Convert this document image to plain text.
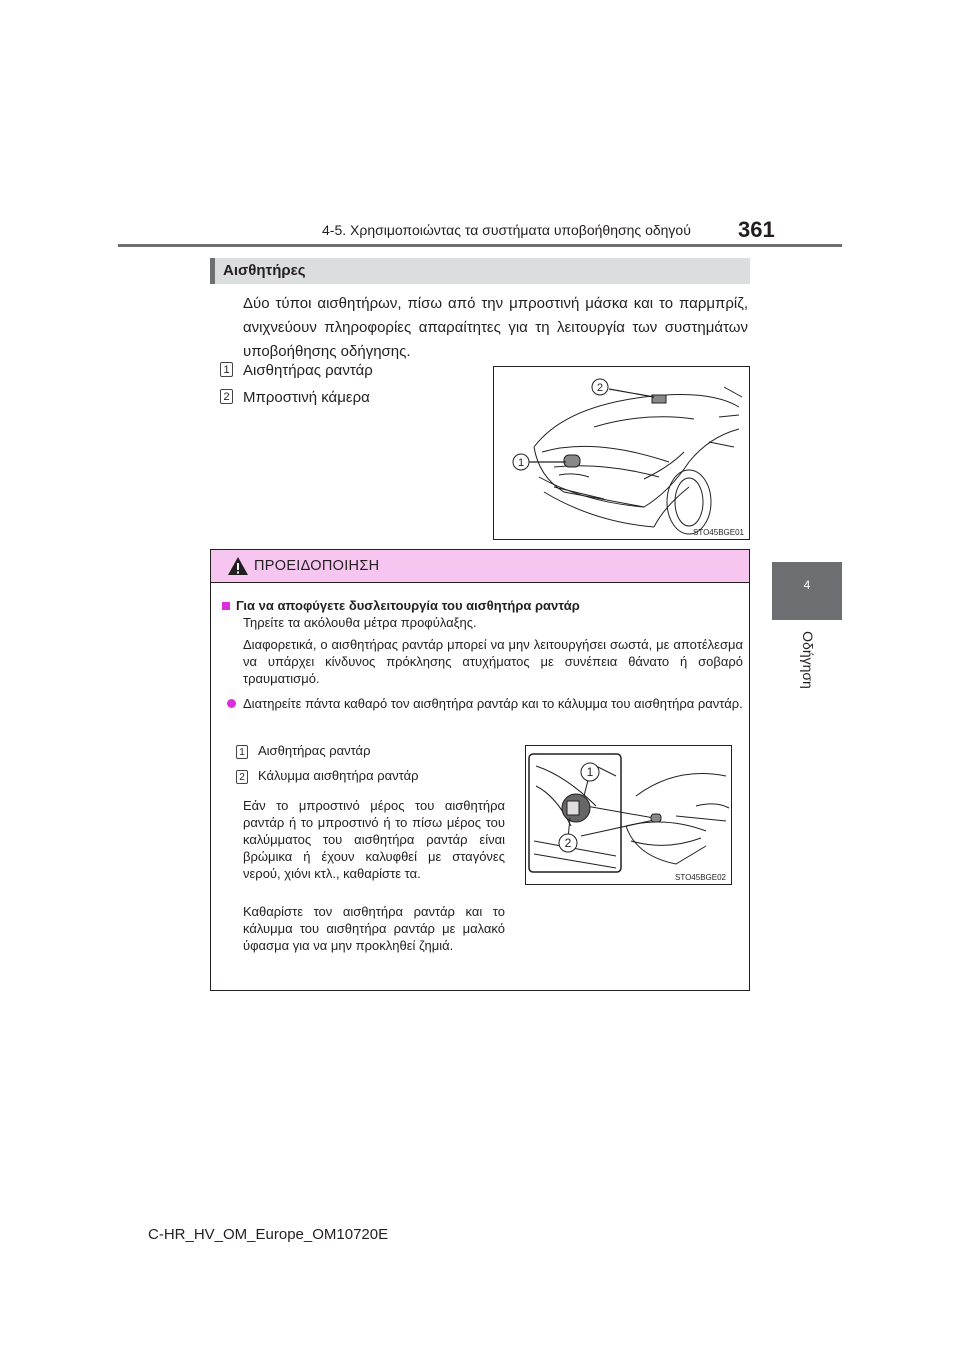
4-5. Χρησιμοποιώντας τα συστήματα υποβοήθησης οδηγού 361
4
Οδήγηση
Αισθητήρες

Δύο τύποι αισθητήρων, πίσω από την μπροστινή μάσκα και το παρμπρίζ, ανιχνεύουν πληροφορίες απαραίτητες για τη λειτουργία των συστημάτων υποβοήθησης οδήγησης.

1 Αισθητήρας ραντάρ
2 Μπροστινή κάμερα
1
2
STO45BGE01
ΠΡΟΕΙΔΟΠΟΙΗΣΗ
Για να αποφύγετε δυσλειτουργία του αισθητήρα ραντάρ

Τηρείτε τα ακόλουθα μέτρα προφύλαξης.

Διαφορετικά, ο αισθητήρας ραντάρ μπορεί να μην λειτουργήσει σωστά, με αποτέλεσμα να υπάρχει κίνδυνος πρόκλησης ατυχήματος με συνέπεια θάνατο ή σοβαρό τραυματισμό.

Διατηρείτε πάντα καθαρό τον αισθητήρα ραντάρ και το κάλυμμα του αισθητήρα ραντάρ.

1 Αισθητήρας ραντάρ
2 Κάλυμμα αισθητήρα ραντάρ

Εάν το μπροστινό μέρος του αισθητήρα ραντάρ ή το μπροστινό ή το πίσω μέρος του καλύμματος του αισθητήρα ραντάρ είναι βρώμικα ή έχουν καλυφθεί με σταγόνες νερού, χιόνι κτλ., καθαρίστε τα.

Καθαρίστε τον αισθητήρα ραντάρ και το κάλυμμα του αισθητήρα ραντάρ με μαλακό ύφασμα για να μην προκληθεί ζημιά.

1
2
STO45BGE02
C-HR_HV_OM_Europe_OM10720E
